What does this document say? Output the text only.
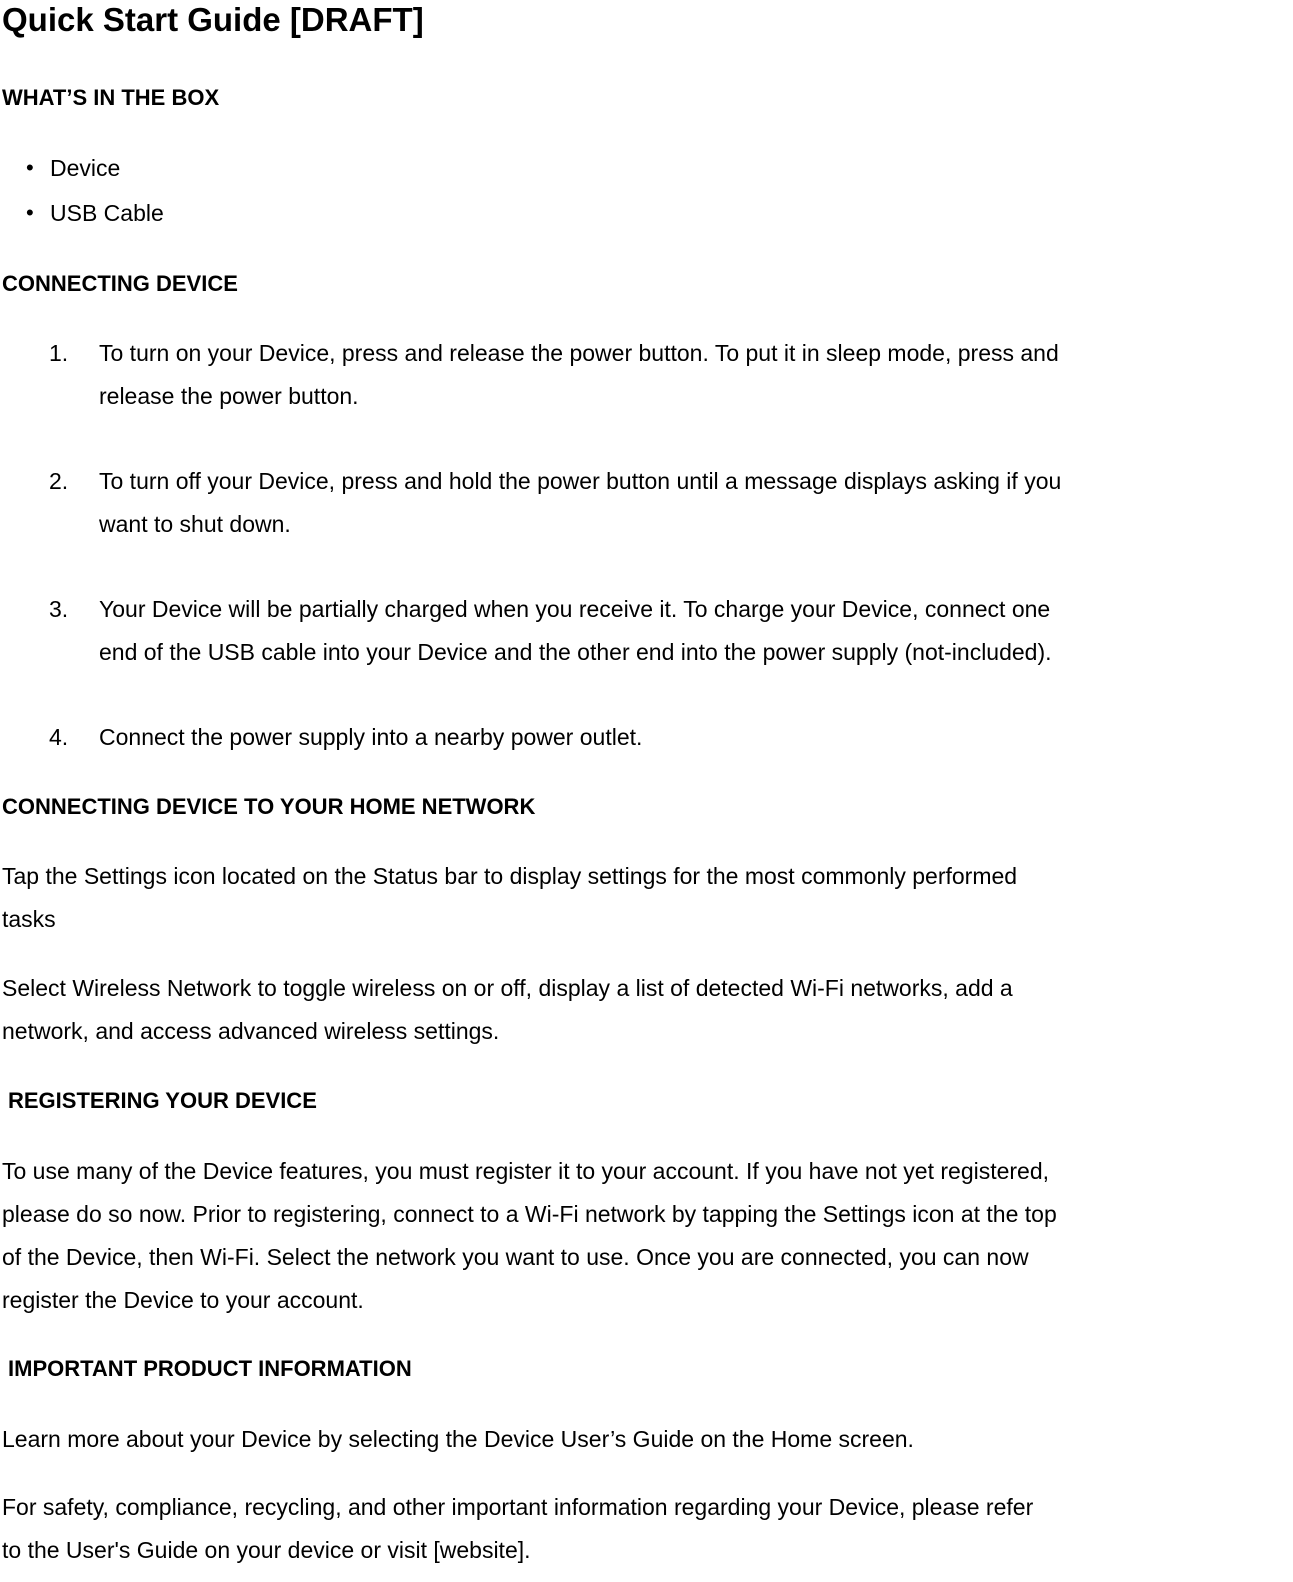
Quick Start Guide [DRAFT]
WHAT’S IN THE BOX
• Device
• USB Cable
CONNECTING DEVICE
1. To turn on your Device, press and release the power button. To put it in sleep mode, press and
release the power button.
2. To turn off your Device, press and hold the power button until a message displays asking if you
want to shut down.
3. Your Device will be partially charged when you receive it. To charge your Device, connect one
end of the USB cable into your Device and the other end into the power supply (not-included).
4. Connect the power supply into a nearby power outlet.
CONNECTING DEVICE TO YOUR HOME NETWORK
Tap the Settings icon located on the Status bar to display settings for the most commonly performed
tasks
Select Wireless Network to toggle wireless on or off, display a list of detected Wi-Fi networks, add a
network, and access advanced wireless settings.
REGISTERING YOUR DEVICE
To use many of the Device features, you must register it to your account. If you have not yet registered,
please do so now. Prior to registering, connect to a Wi-Fi network by tapping the Settings icon at the top
of the Device, then Wi-Fi. Select the network you want to use. Once you are connected, you can now
register the Device to your account.
IMPORTANT PRODUCT INFORMATION
Learn more about your Device by selecting the Device User’s Guide on the Home screen.
For safety, compliance, recycling, and other important information regarding your Device, please refer
to the User's Guide on your device or visit [website].
